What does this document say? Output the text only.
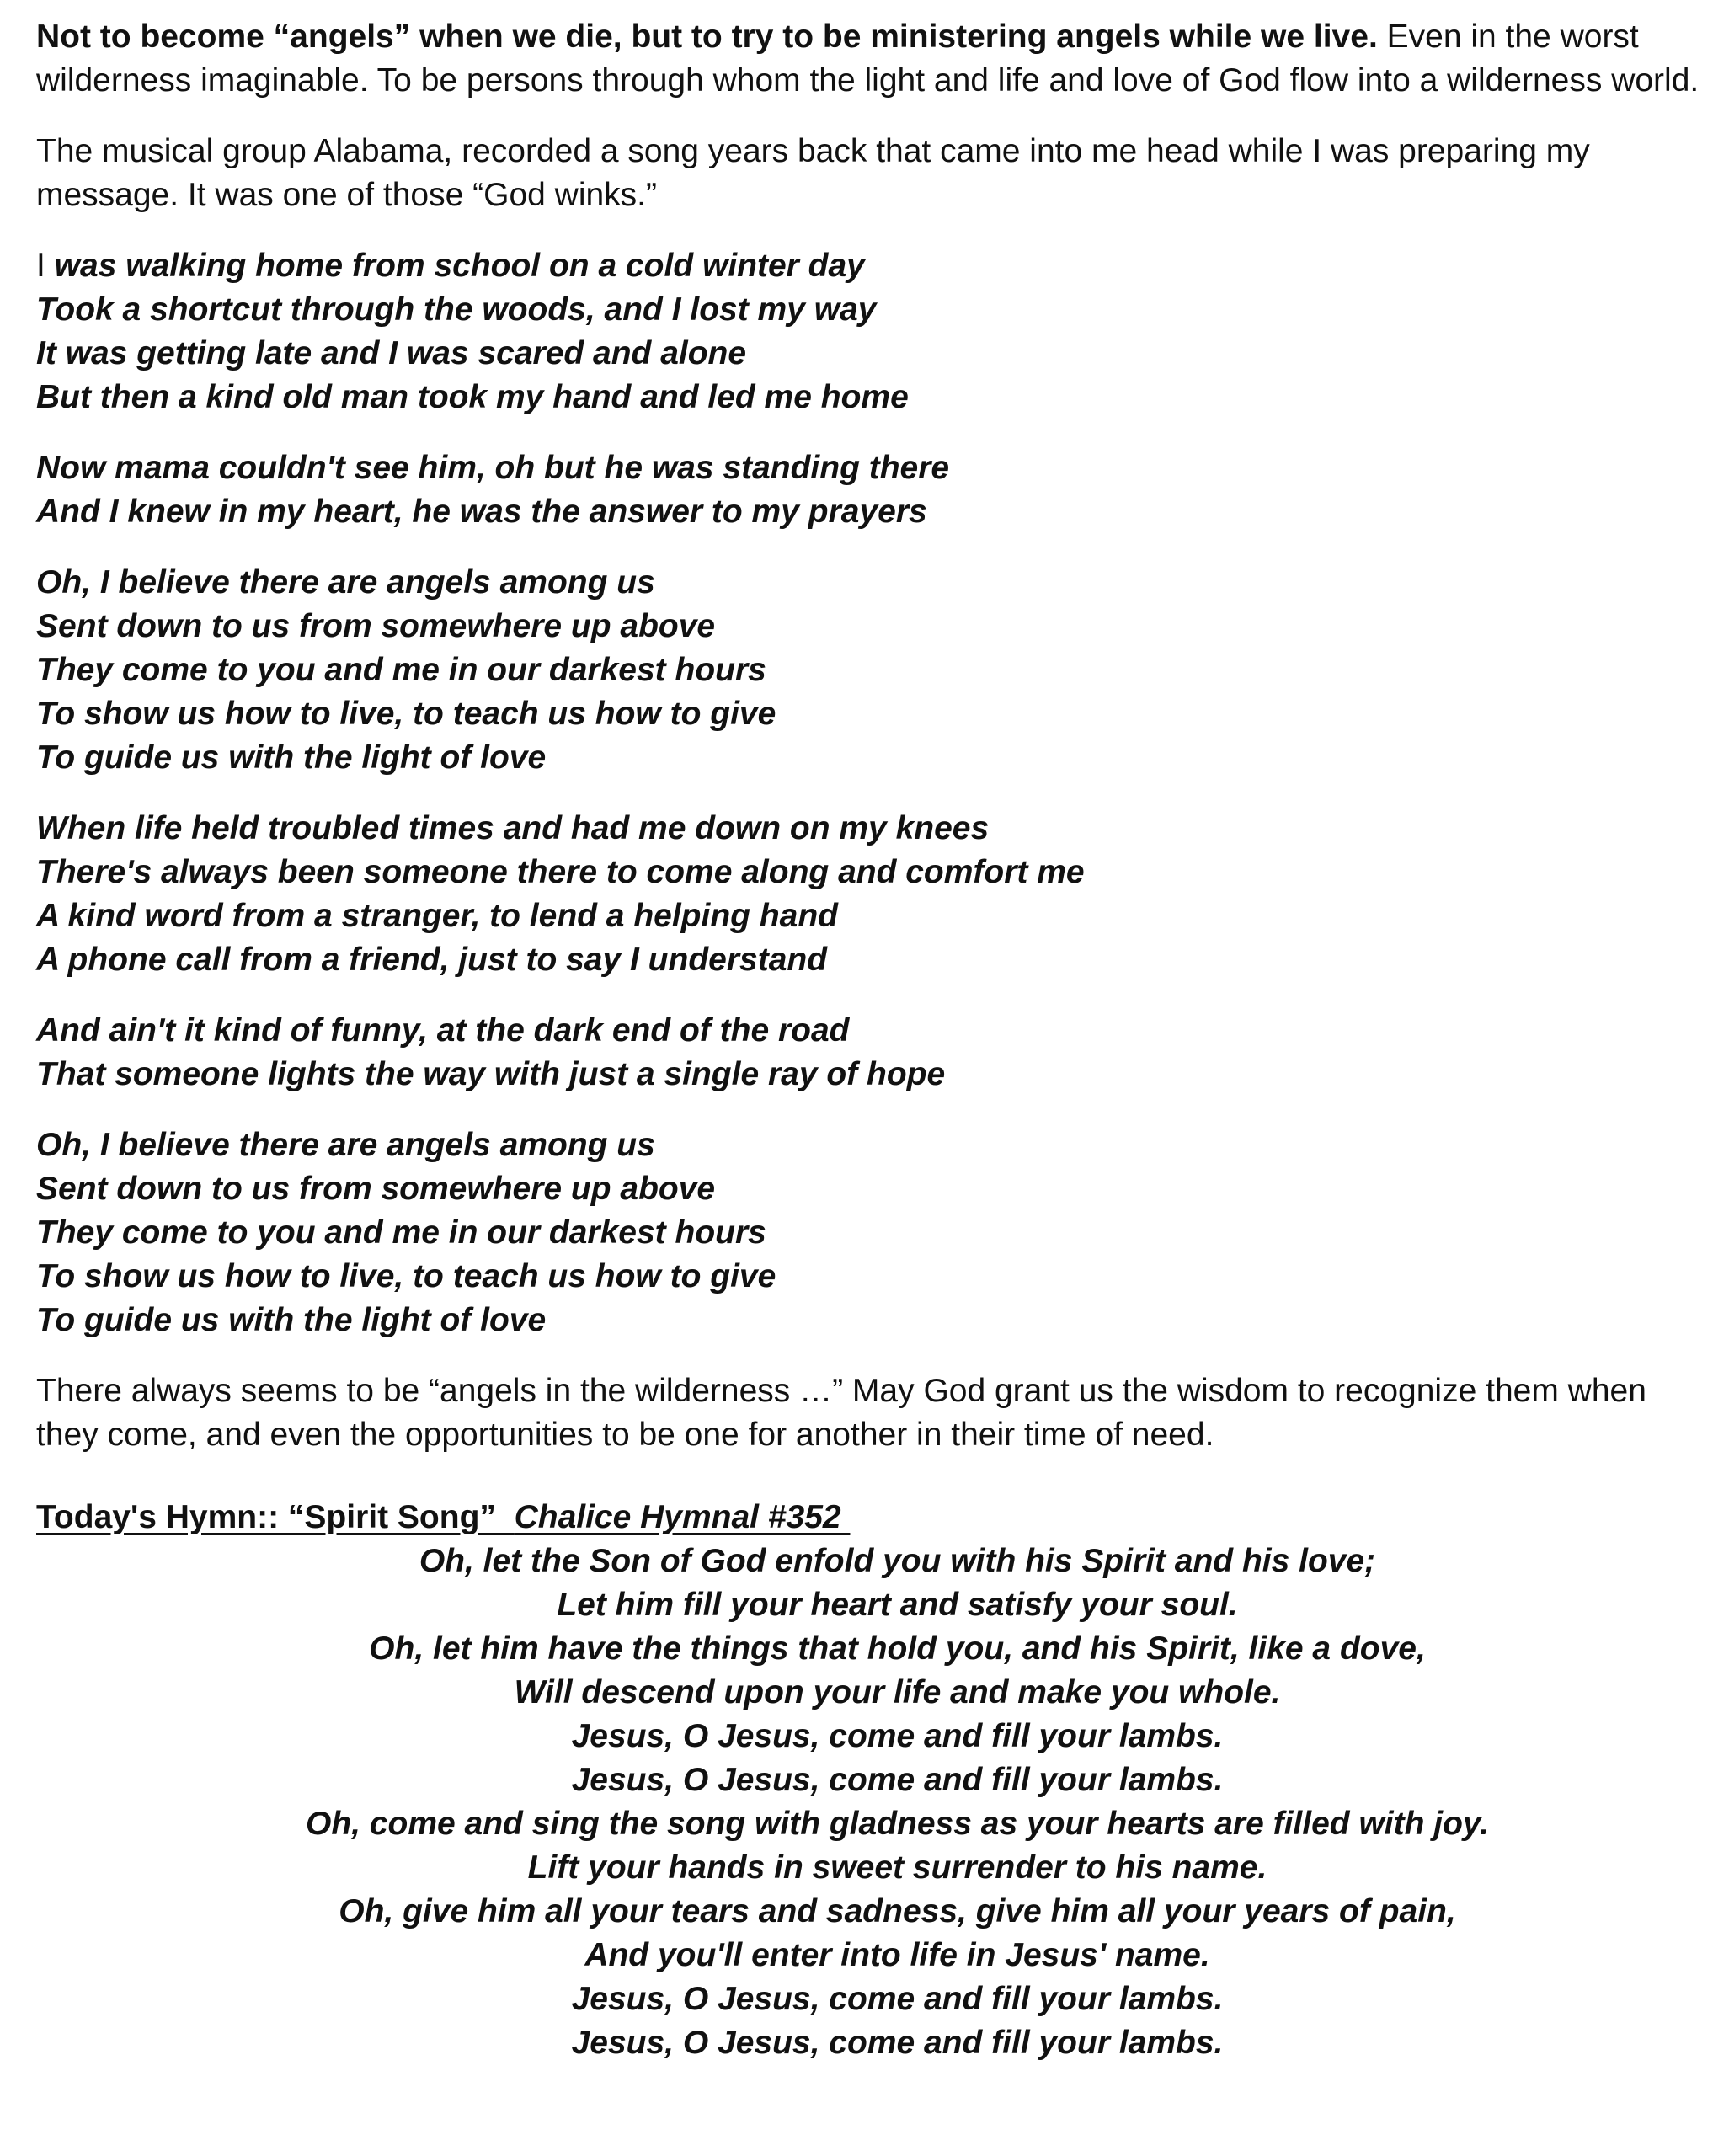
Not to become “angels” when we die, but to try to be ministering angels while we live. Even in the worst wilderness imaginable. To be persons through whom the light and life and love of God flow into a wilderness world.

The musical group Alabama, recorded a song years back that came into me head while I was preparing my message. It was one of those “God winks.”

I was walking home from school on a cold winter day
Took a shortcut through the woods, and I lost my way
It was getting late and I was scared and alone
But then a kind old man took my hand and led me home
Now mama couldn't see him, oh but he was standing there
And I knew in my heart, he was the answer to my prayers
Oh, I believe there are angels among us
Sent down to us from somewhere up above
They come to you and me in our darkest hours
To show us how to live, to teach us how to give
To guide us with the light of love
When life held troubled times and had me down on my knees
There's always been someone there to come along and comfort me
A kind word from a stranger, to lend a helping hand
A phone call from a friend, just to say I understand
And ain't it kind of funny, at the dark end of the road
That someone lights the way with just a single ray of hope
Oh, I believe there are angels among us
Sent down to us from somewhere up above
They come to you and me in our darkest hours
To show us how to live, to teach us how to give
To guide us with the light of love

There always seems to be “angels in the wilderness …” May God grant us the wisdom to recognize them when they come, and even the opportunities to be one for another in their time of need.

Today's Hymn:: “Spirit Song”  Chalice Hymnal #352
Oh, let the Son of God enfold you with his Spirit and his love;
Let him fill your heart and satisfy your soul.
Oh, let him have the things that hold you, and his Spirit, like a dove,
Will descend upon your life and make you whole.
Jesus, O Jesus, come and fill your lambs.
Jesus, O Jesus, come and fill your lambs.
Oh, come and sing the song with gladness as your hearts are filled with joy.
Lift your hands in sweet surrender to his name.
Oh, give him all your tears and sadness, give him all your years of pain,
And you'll enter into life in Jesus' name.
Jesus, O Jesus, come and fill your lambs.
Jesus, O Jesus, come and fill your lambs.
